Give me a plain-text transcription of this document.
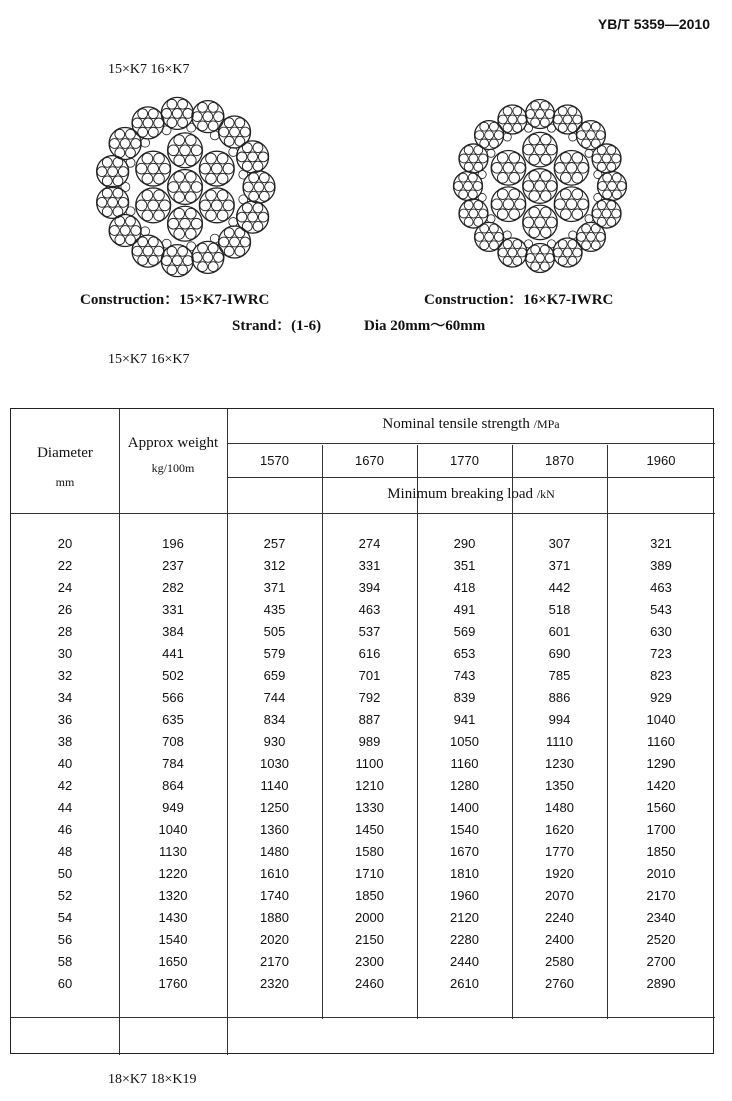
YB/T 5359—2010
15×K7 16×K7
Construction：15×K7-IWRC	Construction：16×K7-IWRC
Strand：(1-6)	Dia 20mm～60mm
15×K7 16×K7
Diameter
mm
Approx weight
kg/100m
Nominal tensile strength /MPa
1570	1670	1770	1870	1960
Minimum breaking load /kN
20	196	257	274	290	307	321
22	237	312	331	351	371	389
24	282	371	394	418	442	463
26	331	435	463	491	518	543
28	384	505	537	569	601	630
30	441	579	616	653	690	723
32	502	659	701	743	785	823
34	566	744	792	839	886	929
36	635	834	887	941	994	1040
38	708	930	989	1050	1110	1160
40	784	1030	1100	1160	1230	1290
42	864	1140	1210	1280	1350	1420
44	949	1250	1330	1400	1480	1560
46	1040	1360	1450	1540	1620	1700
48	1130	1480	1580	1670	1770	1850
50	1220	1610	1710	1810	1920	2010
52	1320	1740	1850	1960	2070	2170
54	1430	1880	2000	2120	2240	2340
56	1540	2020	2150	2280	2400	2520
58	1650	2170	2300	2440	2580	2700
60	1760	2320	2460	2610	2760	2890
18×K7 18×K19
